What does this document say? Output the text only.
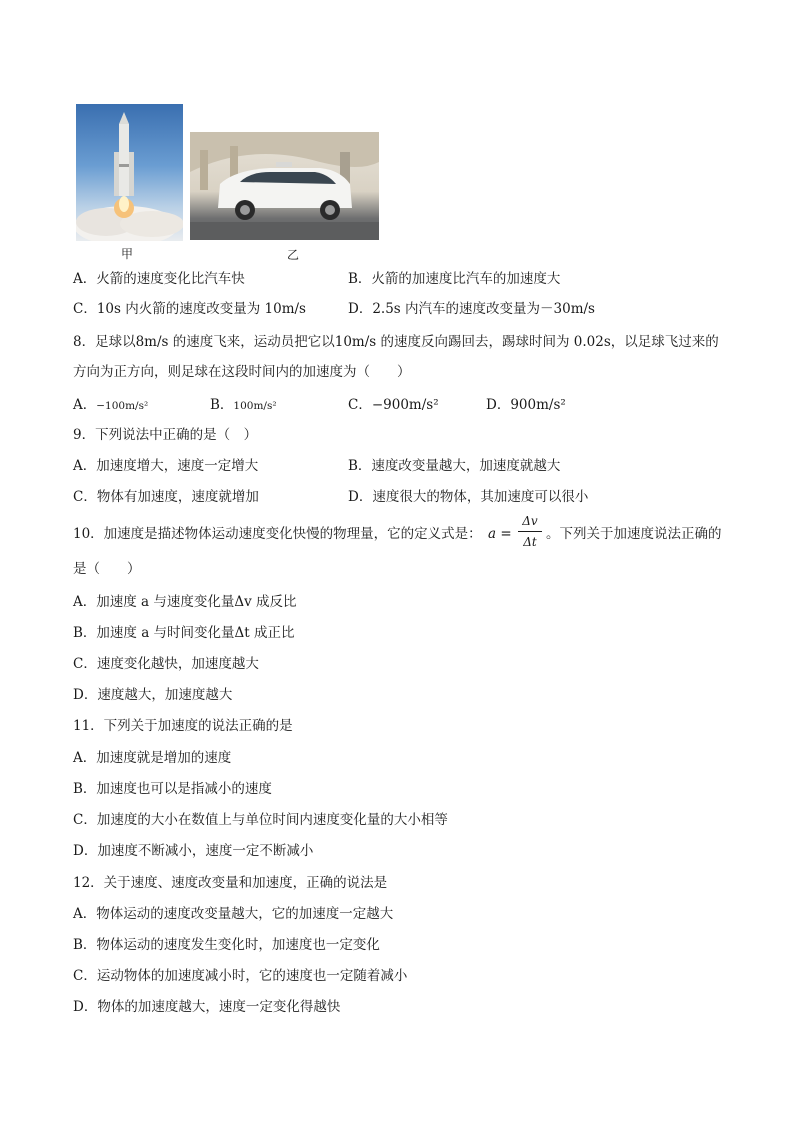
甲	乙
A．火箭的速度变化比汽车快	B．火箭的加速度比汽车的加速度大
C．10s 内火箭的速度改变量为 10m/s	D．2.5s 内汽车的速度改变量为－30m/s
8．足球以8m/s 的速度飞来，运动员把它以10m/s 的速度反向踢回去，踢球时间为 0.02s，以足球飞过来的
方向为正方向，则足球在这段时间内的加速度为（　　）
A．−100m/s²	B．100m/s²	C．−900m/s²	D．900m/s²
9．下列说法中正确的是（　）
A．加速度增大，速度一定增大	B．速度改变量越大，加速度就越大
C．物体有加速度，速度就增加	D．速度很大的物体，其加速度可以很小
10．加速度是描述物体运动速度变化快慢的物理量，它的定义式是： a =
Δv
Δt 。下列关于加速度说法正确的
是（　　）
A．加速度 a 与速度变化量Δv 成反比
B．加速度 a 与时间变化量Δt 成正比
C．速度变化越快，加速度越大
D．速度越大，加速度越大
11．下列关于加速度的说法正确的是
A．加速度就是增加的速度
B．加速度也可以是指减小的速度
C．加速度的大小在数值上与单位时间内速度变化量的大小相等
D．加速度不断减小，速度一定不断减小
12．关于速度、速度改变量和加速度，正确的说法是
A．物体运动的速度改变量越大，它的加速度一定越大
B．物体运动的速度发生变化时，加速度也一定变化
C．运动物体的加速度减小时，它的速度也一定随着减小
D．物体的加速度越大，速度一定变化得越快
